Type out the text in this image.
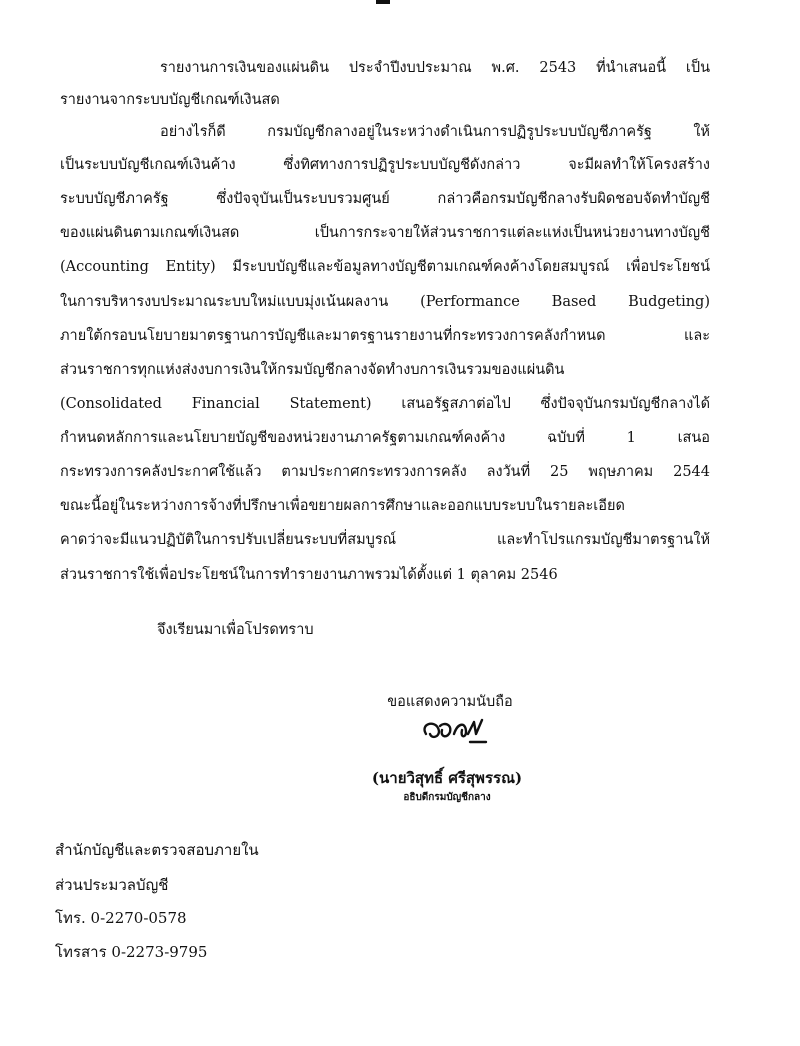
รายงานการเงินของแผ่นดิน ประจำปีงบประมาณ พ.ศ. 2543 ที่นำเสนอนี้ เป็น
รายงานจากระบบบัญชีเกณฑ์เงินสด
อย่างไรก็ดี กรมบัญชีกลางอยู่ในระหว่างดำเนินการปฏิรูประบบบัญชีภาครัฐ ให้
เป็นระบบบัญชีเกณฑ์เงินค้าง ซึ่งทิศทางการปฏิรูประบบบัญชีดังกล่าว จะมีผลทำให้โครงสร้าง
ระบบบัญชีภาครัฐ ซึ่งปัจจุบันเป็นระบบรวมศูนย์ กล่าวคือกรมบัญชีกลางรับผิดชอบจัดทำบัญชี
ของแผ่นดินตามเกณฑ์เงินสด เป็นการกระจายให้ส่วนราชการแต่ละแห่งเป็นหน่วยงานทางบัญชี
(Accounting Entity) มีระบบบัญชีและข้อมูลทางบัญชีตามเกณฑ์คงค้างโดยสมบูรณ์ เพื่อประโยชน์
ในการบริหารงบประมาณระบบใหม่แบบมุ่งเน้นผลงาน (Performance Based Budgeting)
ภายใต้กรอบนโยบายมาตรฐานการบัญชีและมาตรฐานรายงานที่กระทรวงการคลังกำหนด และ
ส่วนราชการทุกแห่งส่งงบการเงินให้กรมบัญชีกลางจัดทำงบการเงินรวมของแผ่นดิน
(Consolidated Financial Statement) เสนอรัฐสภาต่อไป ซึ่งปัจจุบันกรมบัญชีกลางได้
กำหนดหลักการและนโยบายบัญชีของหน่วยงานภาครัฐตามเกณฑ์คงค้าง ฉบับที่ 1 เสนอ
กระทรวงการคลังประกาศใช้แล้ว ตามประกาศกระทรวงการคลัง ลงวันที่ 25 พฤษภาคม 2544
ขณะนี้อยู่ในระหว่างการจ้างที่ปรึกษาเพื่อขยายผลการศึกษาและออกแบบระบบในรายละเอียด
คาดว่าจะมีแนวปฏิบัติในการปรับเปลี่ยนระบบที่สมบูรณ์ และทำโปรแกรมบัญชีมาตรฐานให้
ส่วนราชการใช้เพื่อประโยชน์ในการทำรายงานภาพรวมได้ตั้งแต่ 1 ตุลาคม 2546
จึงเรียนมาเพื่อโปรดทราบ
ขอแสดงความนับถือ
(นายวิสุทธิ์ ศรีสุพรรณ)
อธิบดีกรมบัญชีกลาง
สำนักบัญชีและตรวจสอบภายใน
ส่วนประมวลบัญชี
โทร. 0-2270-0578
โทรสาร 0-2273-9795
